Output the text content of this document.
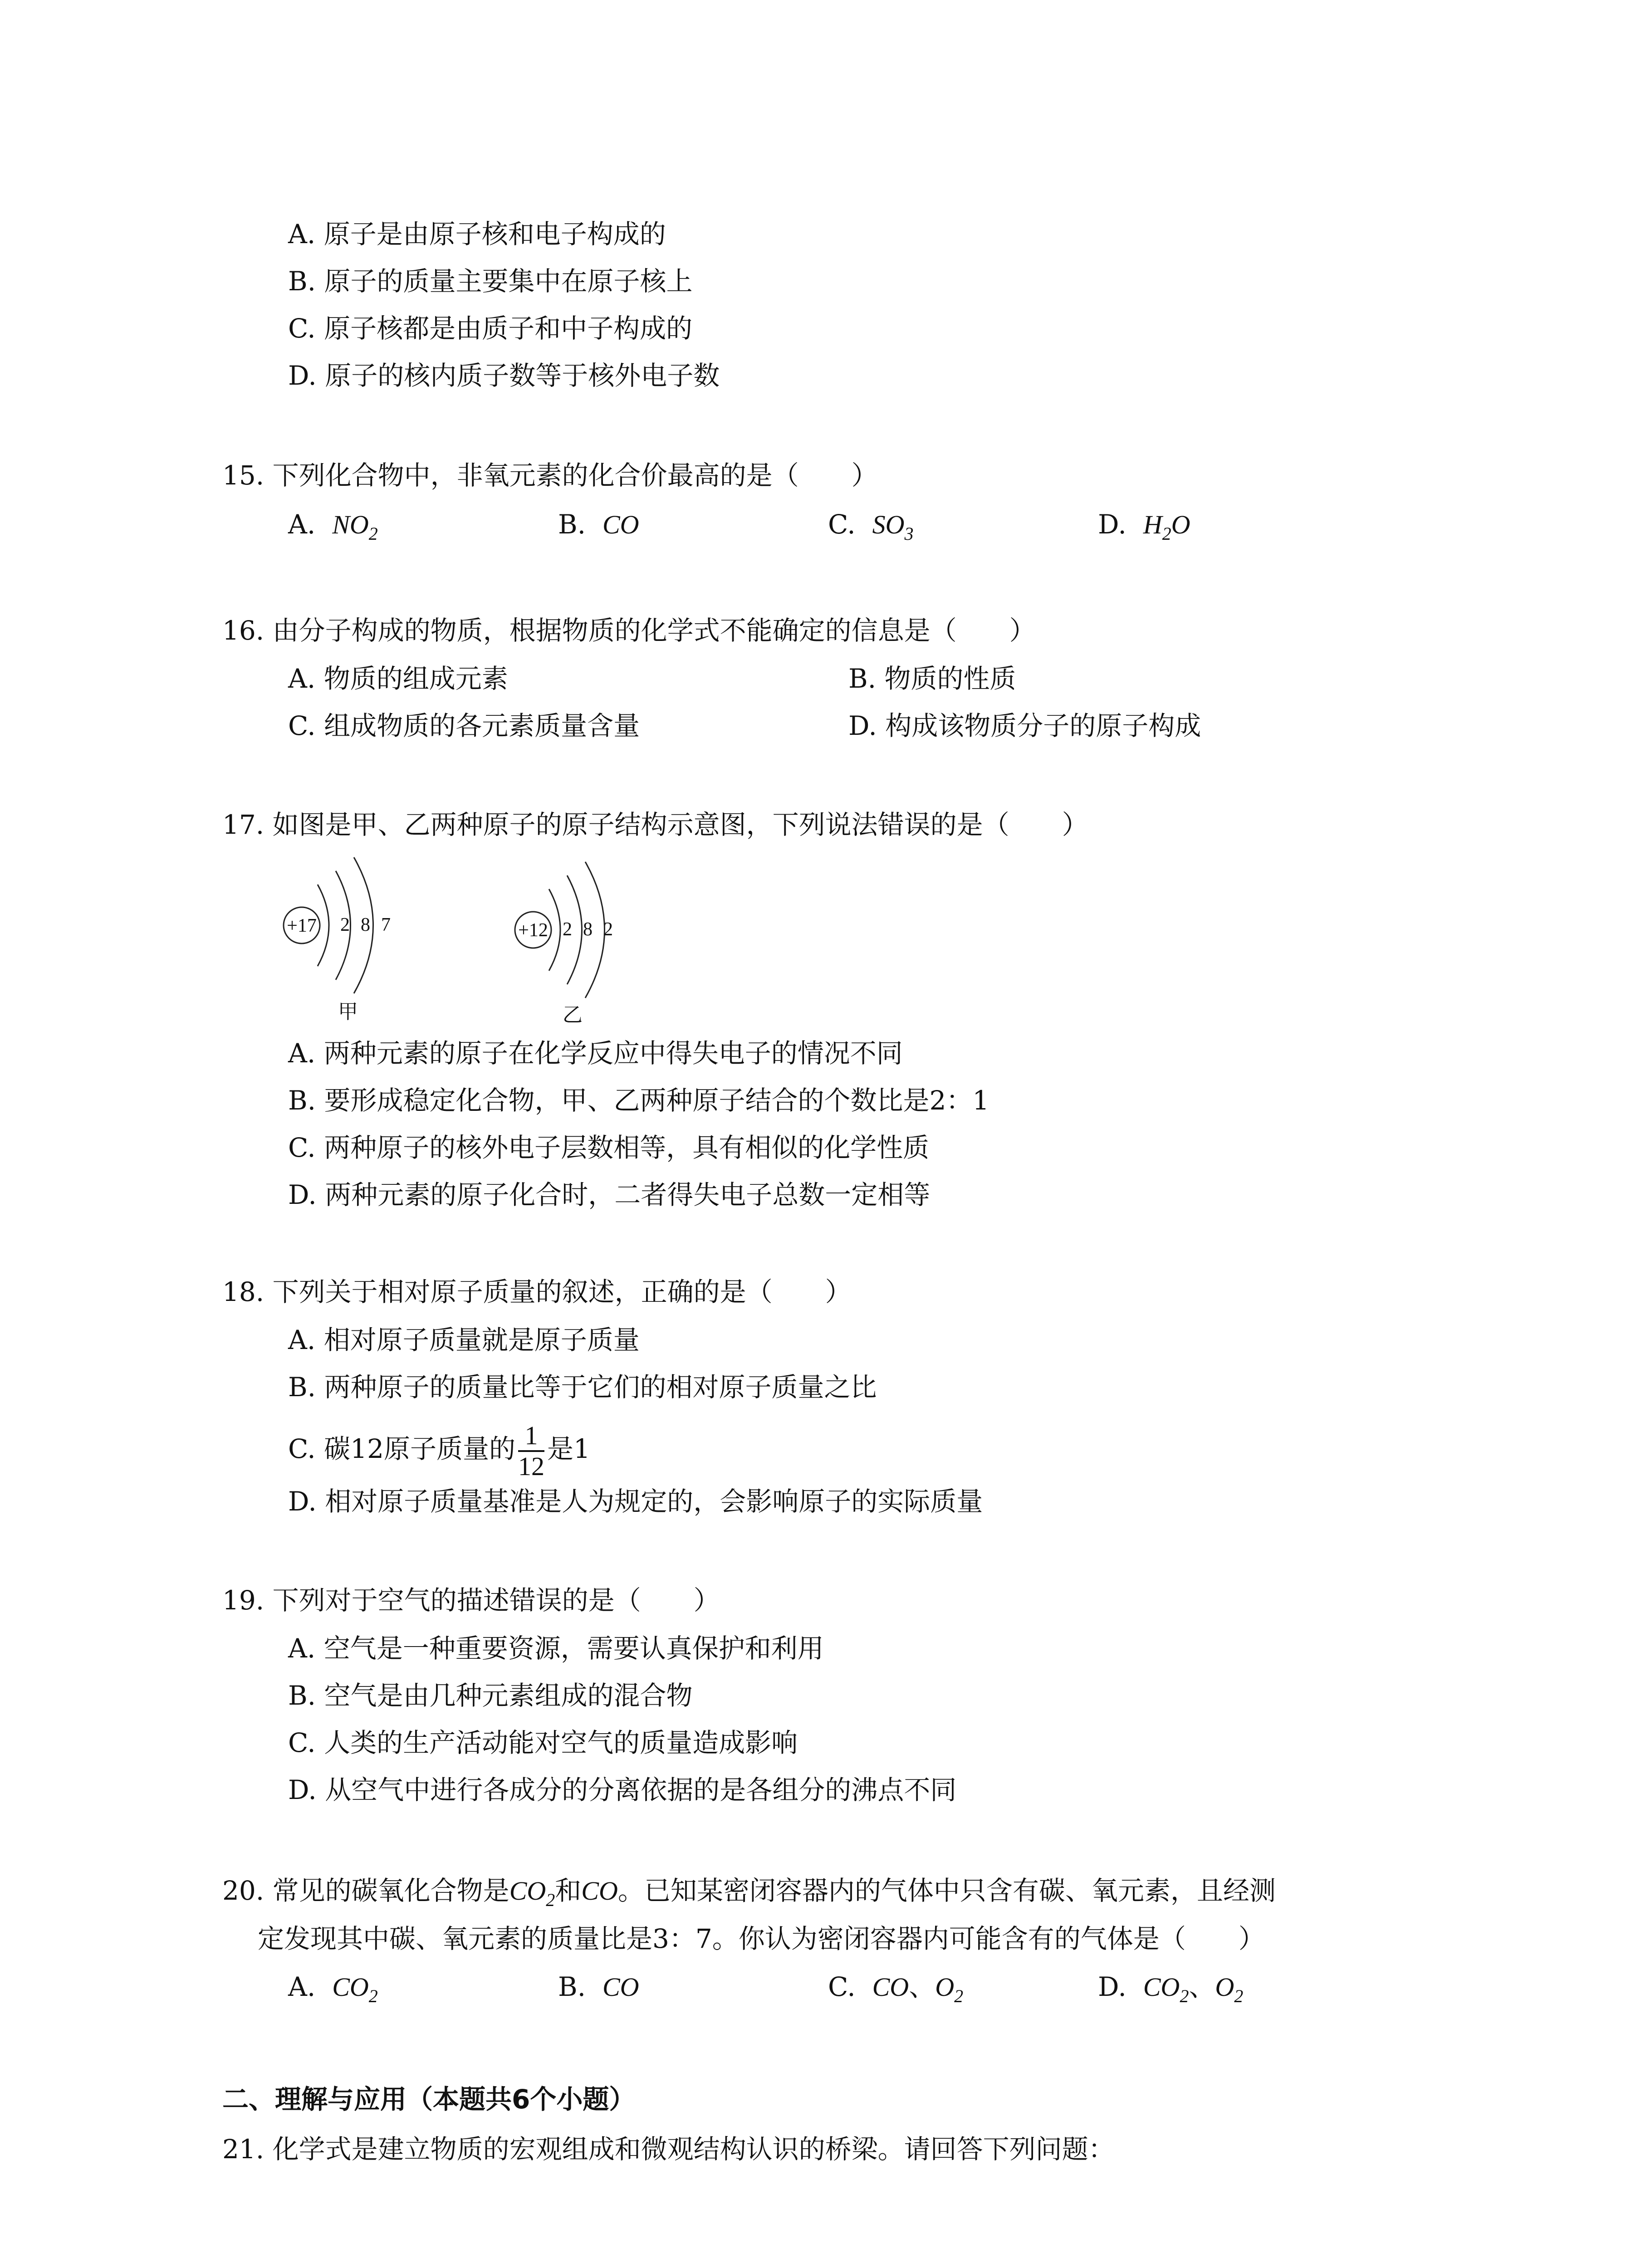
A. 原子是由原子核和电子构成的
B. 原子的质量主要集中在原子核上
C. 原子核都是由质子和中子构成的
D. 原子的核内质子数等于核外电子数
15. 下列化合物中，非氧元素的化合价最高的是（　　）
A. $NO_2$	B. CO	C. $SO_3$	D. $H_2O$
16. 由分子构成的物质，根据物质的化学式不能确定的信息是（　　）
A. 物质的组成元素	B. 物质的性质
C. 组成物质的各元素质量含量	D. 构成该物质分子的原子构成
17. 如图是甲、乙两种原子的原子结构示意图，下列说法错误的是（　　）
+17 2 8 7
甲
+12 2 8 2
乙
A. 两种元素的原子在化学反应中得失电子的情况不同
B. 要形成稳定化合物，甲、乙两种原子结合的个数比是2：1
C. 两种原子的核外电子层数相等，具有相似的化学性质
D. 两种元素的原子化合时，二者得失电子总数一定相等
18. 下列关于相对原子质量的叙述，正确的是（　　）
A. 相对原子质量就是原子质量
B. 两种原子的质量比等于它们的相对原子质量之比
C. 碳12原子质量的 $\frac{1}{12}$ 是1
D. 相对原子质量基准是人为规定的，会影响原子的实际质量
19. 下列对于空气的描述错误的是（　　）
A. 空气是一种重要资源，需要认真保护和利用
B. 空气是由几种元素组成的混合物
C. 人类的生产活动能对空气的质量造成影响
D. 从空气中进行各成分的分离依据的是各组分的沸点不同
20. 常见的碳氧化合物是$CO_2$和CO。已知某密闭容器内的气体中只含有碳、氧元素，且经测
定发现其中碳、氧元素的质量比是3：7。你认为密闭容器内可能含有的气体是（　　）
A. $CO_2$	B. CO	C. CO、$O_2$	D. $CO_2$、$O_2$
二、理解与应用（本题共6个小题）
21. 化学式是建立物质的宏观组成和微观结构认识的桥梁。请回答下列问题：
